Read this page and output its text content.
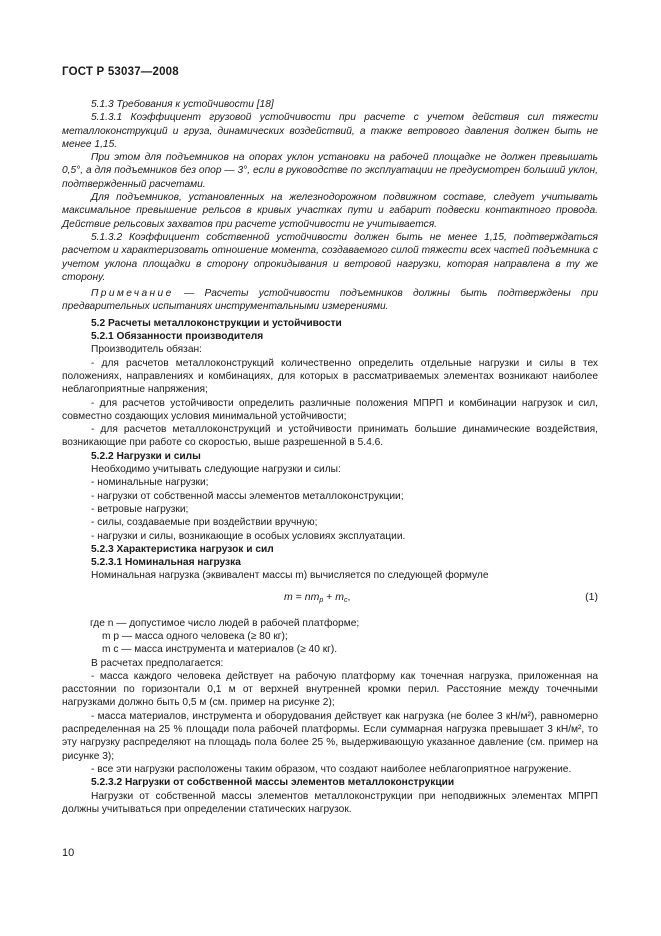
ГОСТ Р 53037—2008

5.1.3 Требования к устойчивости [18]

5.1.3.1 Коэффициент грузовой устойчивости при расчете с учетом действия сил тяжести металлоконструкций и груза, динамических воздействий, а также ветрового давления должен быть не менее 1,15.

При этом для подъемников на опорах уклон установки на рабочей площадке не должен превышать 0,5°, а для подъемников без опор — 3°, если в руководстве по эксплуатации не предусмотрен больший уклон, подтвержденный расчетами.

Для подъемников, установленных на железнодорожном подвижном составе, следует учитывать максимальное превышение рельсов в кривых участках пути и габарит подвески контактного провода. Действие рельсовых захватов при расчете устойчивости не учитывается.

5.1.3.2 Коэффициент собственной устойчивости должен быть не менее 1,15, подтверждаться расчетом и характеризовать отношение момента, создаваемого силой тяжести всех частей подъемника с учетом уклона площадки в сторону опрокидывания и ветровой нагрузки, которая направлена в ту же сторону.

Примечание — Расчеты устойчивости подъемников должны быть подтверждены при предварительных испытаниях инструментальными измерениями.

5.2 Расчеты металлоконструкции и устойчивости

5.2.1 Обязанности производителя

Производитель обязан:

- для расчетов металлоконструкций количественно определить отдельные нагрузки и силы в тех положениях, направлениях и комбинациях, для которых в рассматриваемых элементах возникают наиболее неблагоприятные напряжения;

- для расчетов устойчивости определить различные положения МПРП и комбинации нагрузок и сил, совместно создающих условия минимальной устойчивости;

- для расчетов металлоконструкций и устойчивости принимать большие динамические воздействия, возникающие при работе со скоростью, выше разрешенной в 5.4.6.

5.2.2 Нагрузки и силы

Необходимо учитывать следующие нагрузки и силы:

- номинальные нагрузки;

- нагрузки от собственной массы элементов металлоконструкции;

- ветровые нагрузки;

- силы, создаваемые при воздействии вручную;

- нагрузки и силы, возникающие в особых условиях эксплуатации.

5.2.3 Характеристика нагрузок и сил

5.2.3.1 Номинальная нагрузка

Номинальная нагрузка (эквивалент массы m) вычисляется по следующей формуле

$m = nm_p + m_c$,	(1)

где n — допустимое число людей в рабочей платформе;

m p — масса одного человека (≥ 80 кг);

m c — масса инструмента и материалов (≥ 40 кг).

В расчетах предполагается:

- масса каждого человека действует на рабочую платформу как точечная нагрузка, приложенная на расстоянии по горизонтали 0,1 м от верхней внутренней кромки перил. Расстояние между точечными нагрузками должно быть 0,5 м (см. пример на рисунке 2);

- масса материалов, инструмента и оборудования действует как нагрузка (не более 3 кН/м²), равномерно распределенная на 25 % площади пола рабочей платформы. Если суммарная нагрузка превышает 3 кН/м², то эту нагрузку распределяют на площадь пола более 25 %, выдерживающую указанное давление (см. пример на рисунке 3);

- все эти нагрузки расположены таким образом, что создают наиболее неблагоприятное нагружение.

5.2.3.2 Нагрузки от собственной массы элементов металлоконструкции

Нагрузки от собственной массы элементов металлоконструкции при неподвижных элементах МПРП должны учитываться при определении статических нагрузок.

10
